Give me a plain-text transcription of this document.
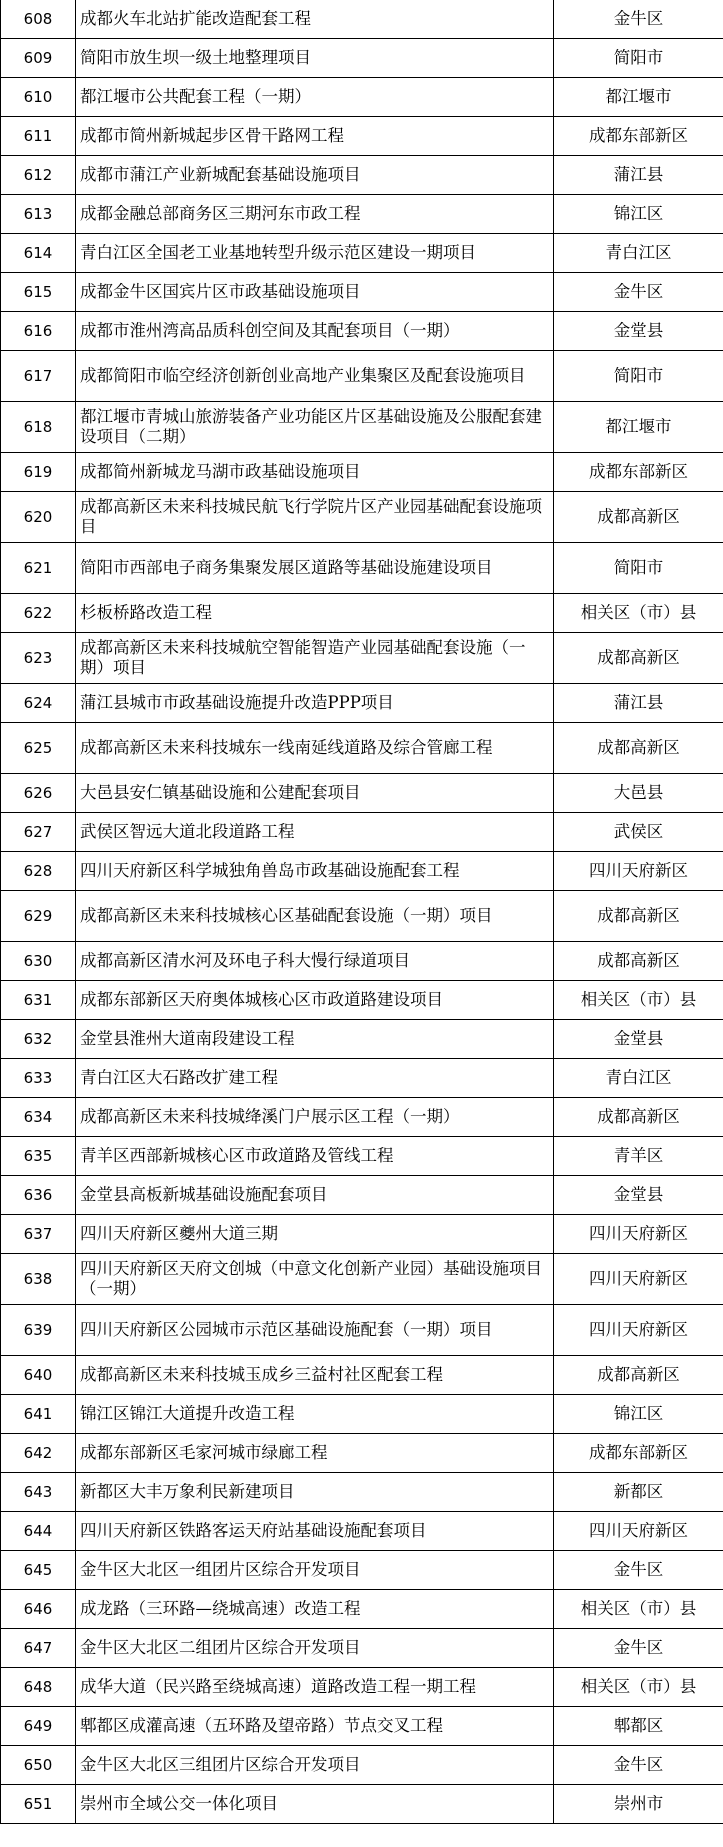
608	成都火车北站扩能改造配套工程	金牛区
609	简阳市放生坝一级土地整理项目	简阳市
610	都江堰市公共配套工程（一期）	都江堰市
611	成都市简州新城起步区骨干路网工程	成都东部新区
612	成都市蒲江产业新城配套基础设施项目	蒲江县
613	成都金融总部商务区三期河东市政工程	锦江区
614	青白江区全国老工业基地转型升级示范区建设一期项目	青白江区
615	成都金牛区国宾片区市政基础设施项目	金牛区
616	成都市淮州湾高品质科创空间及其配套项目（一期）	金堂县
617	成都简阳市临空经济创新创业高地产业集聚区及配套设施项目	简阳市
618	都江堰市青城山旅游装备产业功能区片区基础设施及公服配套建设项目（二期）	都江堰市
619	成都简州新城龙马湖市政基础设施项目	成都东部新区
620	成都高新区未来科技城民航飞行学院片区产业园基础配套设施项目	成都高新区
621	简阳市西部电子商务集聚发展区道路等基础设施建设项目	简阳市
622	杉板桥路改造工程	相关区（市）县
623	成都高新区未来科技城航空智能智造产业园基础配套设施（一期）项目	成都高新区
624	蒲江县城市市政基础设施提升改造PPP项目	蒲江县
625	成都高新区未来科技城东一线南延线道路及综合管廊工程	成都高新区
626	大邑县安仁镇基础设施和公建配套项目	大邑县
627	武侯区智远大道北段道路工程	武侯区
628	四川天府新区科学城独角兽岛市政基础设施配套工程	四川天府新区
629	成都高新区未来科技城核心区基础配套设施（一期）项目	成都高新区
630	成都高新区清水河及环电子科大慢行绿道项目	成都高新区
631	成都东部新区天府奥体城核心区市政道路建设项目	相关区（市）县
632	金堂县淮州大道南段建设工程	金堂县
633	青白江区大石路改扩建工程	青白江区
634	成都高新区未来科技城绛溪门户展示区工程（一期）	成都高新区
635	青羊区西部新城核心区市政道路及管线工程	青羊区
636	金堂县高板新城基础设施配套项目	金堂县
637	四川天府新区夔州大道三期	四川天府新区
638	四川天府新区天府文创城（中意文化创新产业园）基础设施项目（一期）	四川天府新区
639	四川天府新区公园城市示范区基础设施配套（一期）项目	四川天府新区
640	成都高新区未来科技城玉成乡三益村社区配套工程	成都高新区
641	锦江区锦江大道提升改造工程	锦江区
642	成都东部新区毛家河城市绿廊工程	成都东部新区
643	新都区大丰万象利民新建项目	新都区
644	四川天府新区铁路客运天府站基础设施配套项目	四川天府新区
645	金牛区大北区一组团片区综合开发项目	金牛区
646	成龙路（三环路—绕城高速）改造工程	相关区（市）县
647	金牛区大北区二组团片区综合开发项目	金牛区
648	成华大道（民兴路至绕城高速）道路改造工程一期工程	相关区（市）县
649	郫都区成灌高速（五环路及望帝路）节点交叉工程	郫都区
650	金牛区大北区三组团片区综合开发项目	金牛区
651	崇州市全域公交一体化项目	崇州市
